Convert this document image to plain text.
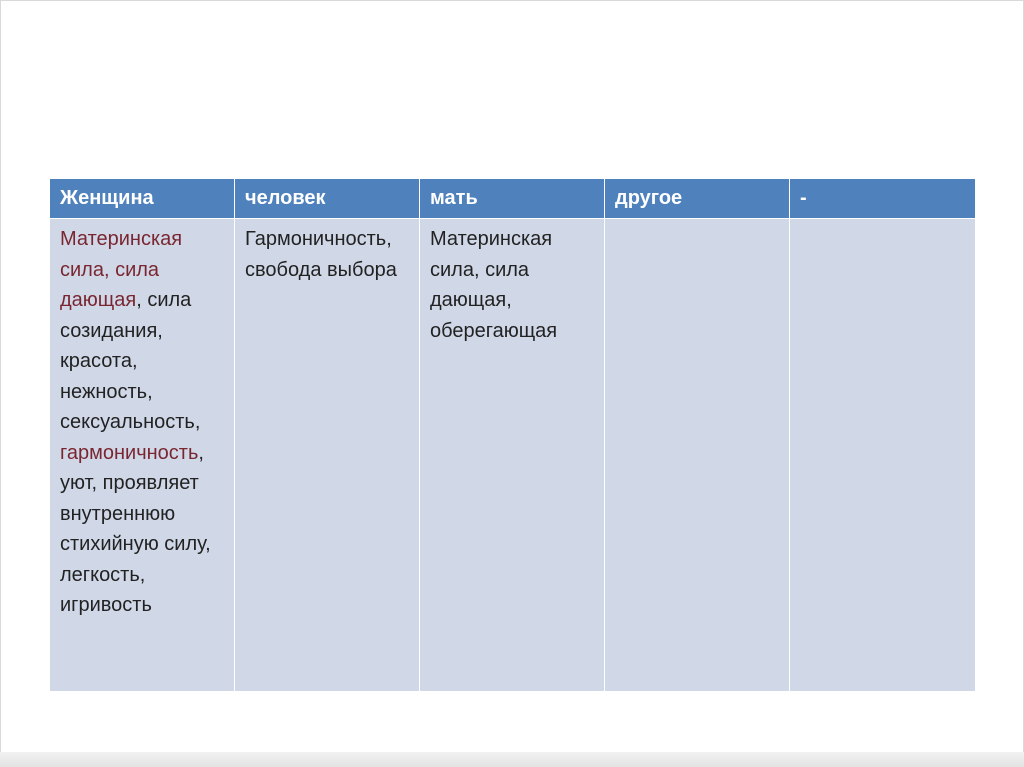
Женщина	человек	мать	другое	-

Материнская сила, сила дающая, сила созидания, красота, нежность, сексуальность, гармоничность, уют, проявляет внутреннюю стихийную силу, легкость, игривость	Гармоничность, свобода выбора	Материнская сила, сила дающая, оберегающая		
